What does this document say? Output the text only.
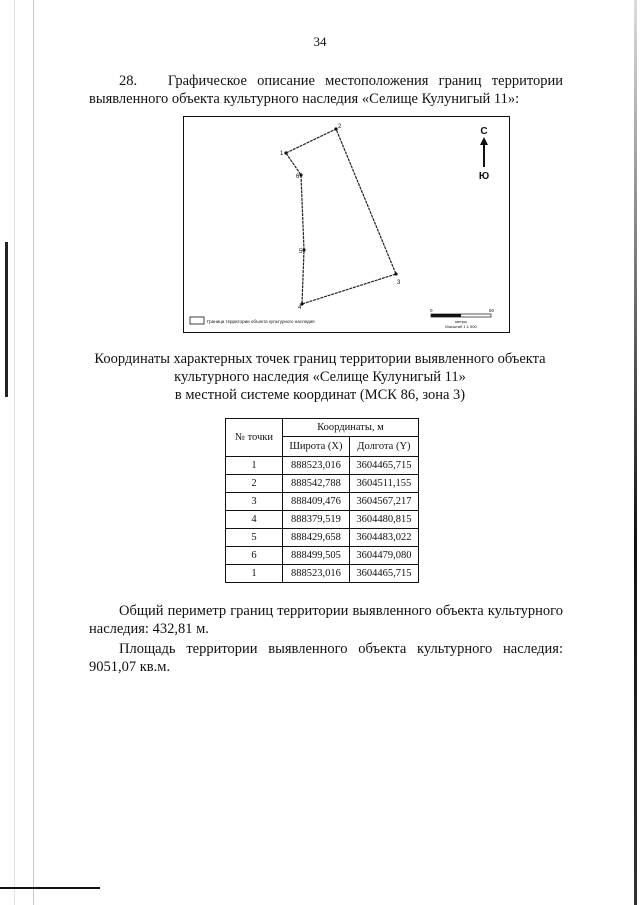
34
28. Графическое описание местоположения границ территории выявленного объекта культурного наследия «Селище Кулунигый 11»:
1
2
3
4
5
6
С
Ю
Граница территории объекта культурного наследия
0	50
метры
Масштаб 1:1 500
Координаты характерных точек границ территории выявленного объекта
культурного наследия «Селище Кулунигый 11»
в местной системе координат (МСК 86, зона 3)
№ точки	Координаты, м	
	Широта (X)	Долгота (Y)
1	888523,016	3604465,715
2	888542,788	3604511,155
3	888409,476	3604567,217
4	888379,519	3604480,815
5	888429,658	3604483,022
6	888499,505	3604479,080
1	888523,016	3604465,715
Общий периметр границ территории выявленного объекта культурного наследия: 432,81 м.
Площадь территории выявленного объекта культурного наследия: 9051,07 кв.м.
